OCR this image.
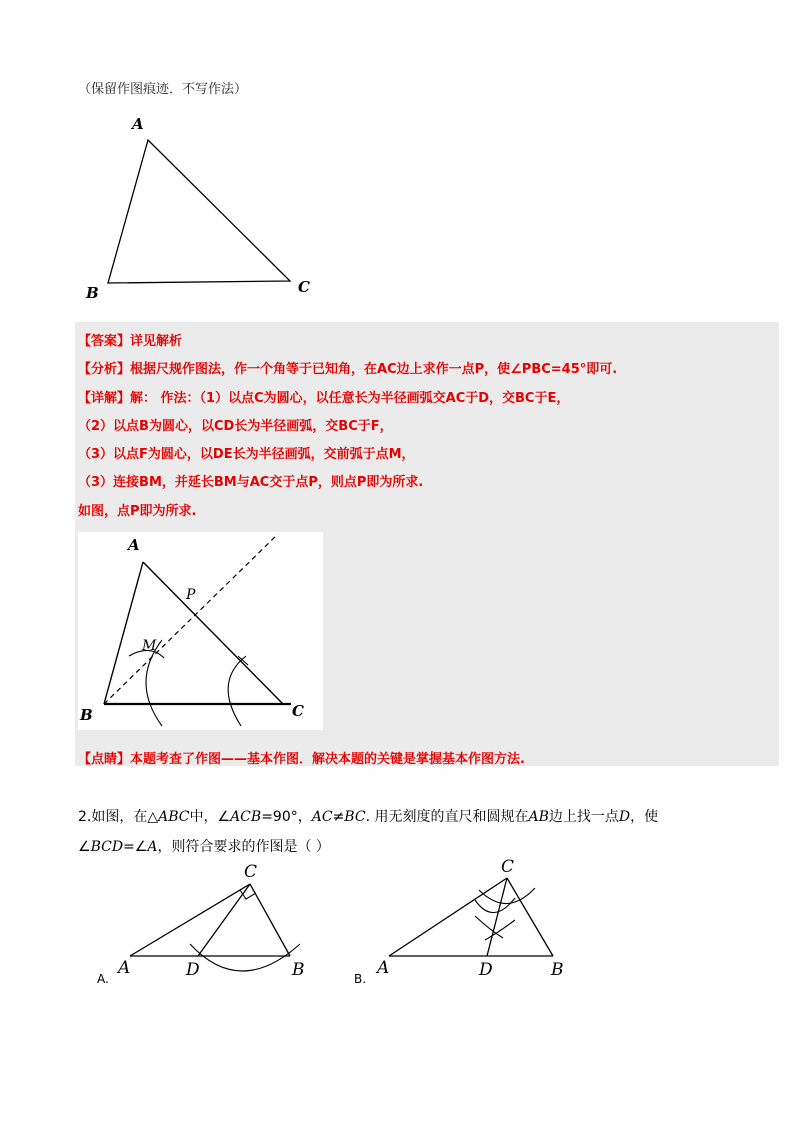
（保留作图痕迹．不写作法）
A
B	C
【答案】详见解析
【分析】根据尺规作图法，作一个角等于已知角，在AC边上求作一点P，使∠PBC=45°即可.
【详解】解： 作法：（1）以点C为圆心，以任意长为半径画弧交AC于D，交BC于E，
（2）以点B为圆心，以CD长为半径画弧，交BC于F，
（3）以点F为圆心，以DE长为半径画弧，交前弧于点M，
（3）连接BM，并延长BM与AC交于点P，则点P即为所求.
如图，点P即为所求.
A
P
M
B	C
【点睛】本题考查了作图——基本作图．解决本题的关键是掌握基本作图方法.
2.如图，在△ABC中，∠ACB=90°，AC≠BC. 用无刻度的直尺和圆规在AB边上找一点D，使
∠BCD=∠A，则符合要求的作图是（ ）
C
A	D	B
A.
C
A	D	B
B.
